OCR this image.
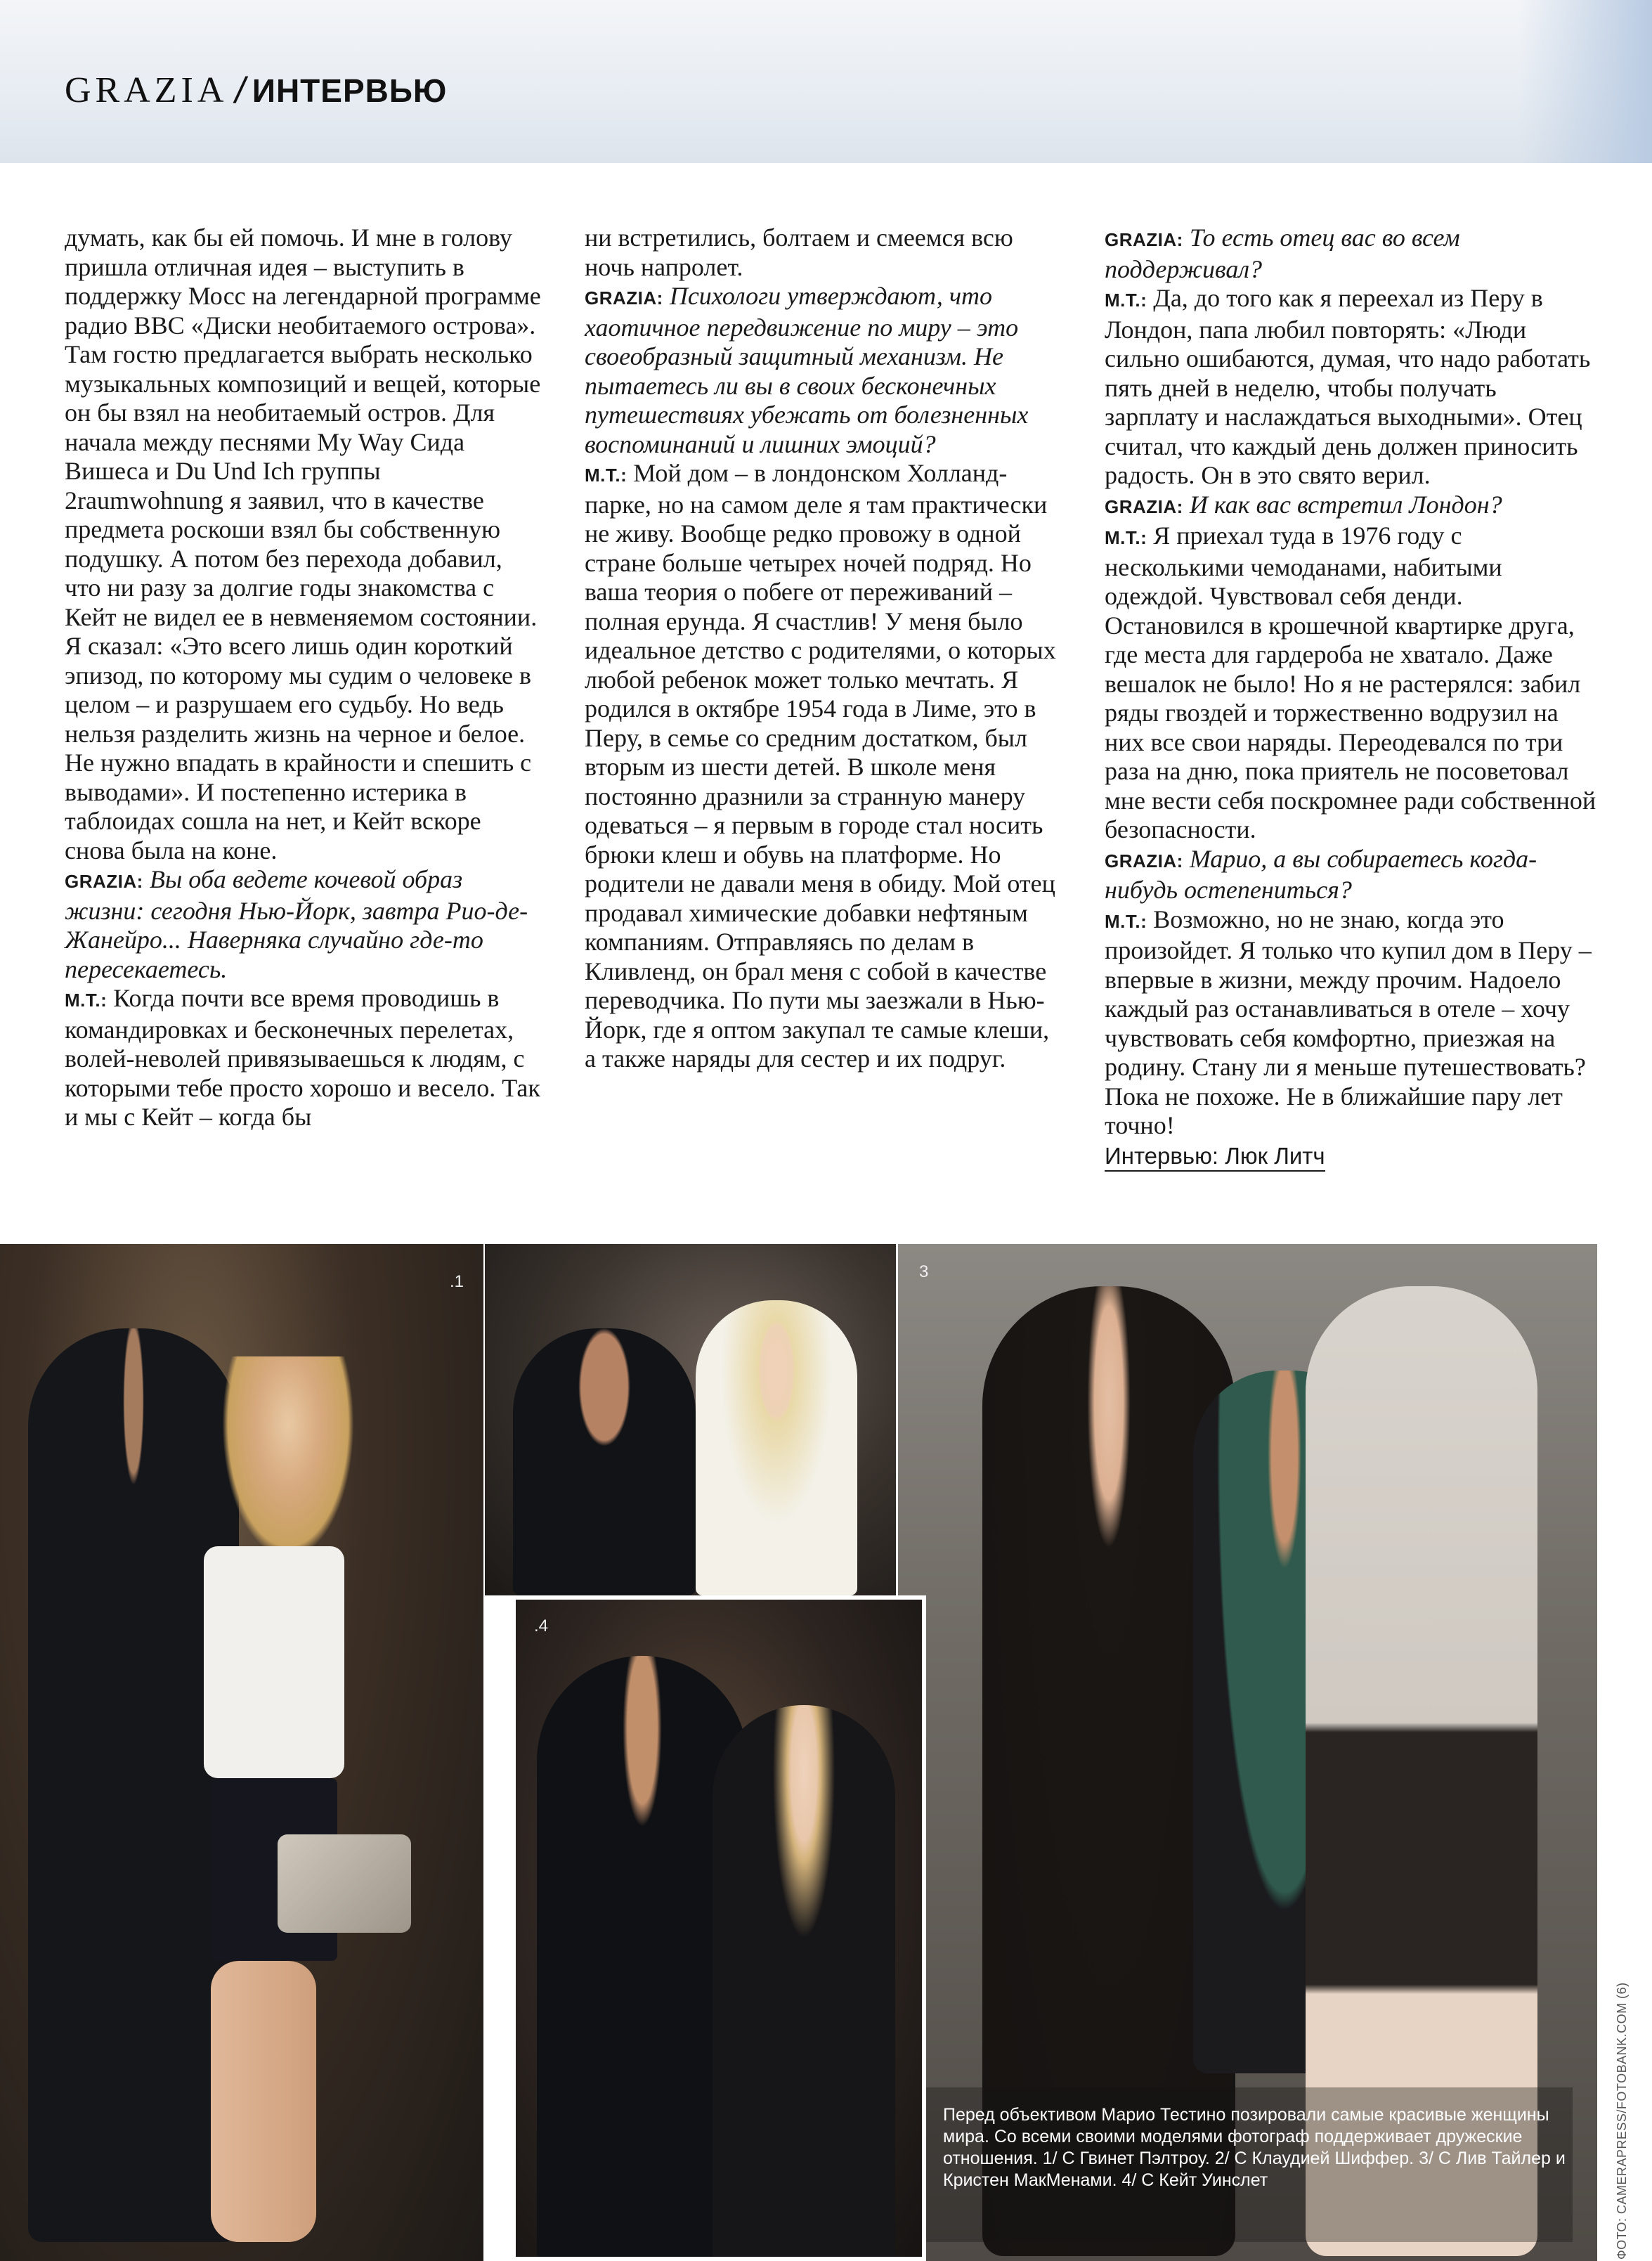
GRAZIA / ИНТЕРВЬЮ

думать, как бы ей помочь. И мне в голову пришла отличная идея – выступить в поддержку Мосс на легендарной программе радио ВВС «Диски необитаемого острова». Там гостю предлагается выбрать несколько музыкальных композиций и вещей, которые он бы взял на необитаемый остров. Для начала между песнями My Way Сида Вишеса и Du Und Ich группы 2raumwohnung я заявил, что в качестве предмета роскоши взял бы собственную подушку. А потом без перехода добавил, что ни разу за долгие годы знакомства с Кейт не видел ее в невменяемом состоянии. Я сказал: «Это всего лишь один короткий эпизод, по которому мы судим о человеке в целом – и разрушаем его судьбу. Но ведь нельзя разделить жизнь на черное и белое. Не нужно впадать в крайности и спешить с выводами». И постепенно истерика в таблоидах сошла на нет, и Кейт вскоре снова была на коне.

GRAZIA: Вы оба ведете кочевой образ жизни: сегодня Нью-Йорк, завтра Рио-де-Жанейро... Наверняка случайно где-то пересекаетесь.

M.T.: Когда почти все время проводишь в командировках и бесконечных перелетах, волей-неволей привязываешься к людям, с которыми тебе просто хорошо и весело. Так и мы с Кейт – когда бы

ни встретились, болтаем и смеемся всю ночь напролет.

GRAZIA: Психологи утверждают, что хаотичное передвижение по миру – это своеобразный защитный механизм. Не пытаетесь ли вы в своих бесконечных путешествиях убежать от болезненных воспоминаний и лишних эмоций?

M.T.: Мой дом – в лондонском Холланд-парке, но на самом деле я там практически не живу. Вообще редко провожу в одной стране больше четырех ночей подряд. Но ваша теория о побеге от переживаний – полная ерунда. Я счастлив! У меня было идеальное детство с родителями, о которых любой ребенок может только мечтать. Я родился в октябре 1954 года в Лиме, это в Перу, в семье со средним достатком, был вторым из шести детей. В школе меня постоянно дразнили за странную манеру одеваться – я первым в городе стал носить брюки клеш и обувь на платформе. Но родители не давали меня в обиду. Мой отец продавал химические добавки нефтяным компаниям. Отправляясь по делам в Кливленд, он брал меня с собой в качестве переводчика. По пути мы заезжали в Нью-Йорк, где я оптом закупал те самые клеши, а также наряды для сестер и их подруг.

GRAZIA: То есть отец вас во всем поддерживал?

M.T.: Да, до того как я переехал из Перу в Лондон, папа любил повторять: «Люди сильно ошибаются, думая, что надо работать пять дней в неделю, чтобы получать зарплату и наслаждаться выходными». Отец считал, что каждый день должен приносить радость. Он в это свято верил.

GRAZIA: И как вас встретил Лондон?

M.T.: Я приехал туда в 1976 году с несколькими чемоданами, набитыми одеждой. Чувствовал себя денди. Остановился в крошечной квартирке друга, где места для гардероба не хватало. Даже вешалок не было! Но я не растерялся: забил ряды гвоздей и торжественно водрузил на них все свои наряды. Переодевался по три раза на дню, пока приятель не посоветовал мне вести себя поскромнее ради собственной безопасности.

GRAZIA: Марио, а вы собираетесь когда-нибудь остепениться?

M.T.: Возможно, но не знаю, когда это произойдет. Я только что купил дом в Перу – впервые в жизни, между прочим. Надоело каждый раз останавливаться в отеле – хочу чувствовать себя комфортно, приезжая на родину. Стану ли я меньше путешествовать? Пока не похоже. Не в ближайшие пару лет точно!

Интервью: Люк Литч

.1
3
.4
Перед объективом Марио Тестино позировали самые красивые женщины мира. Со всеми своими моделями фотограф поддерживает дружеские отношения. 1/ С Гвинет Пэлтроу. 2/ С Клаудией Шиффер. 3/ С Лив Тайлер и Кристен МакМенами. 4/ С Кейт Уинслет	ФОТО: CAMERAPRESS/FOTOBANK.COM (6)
